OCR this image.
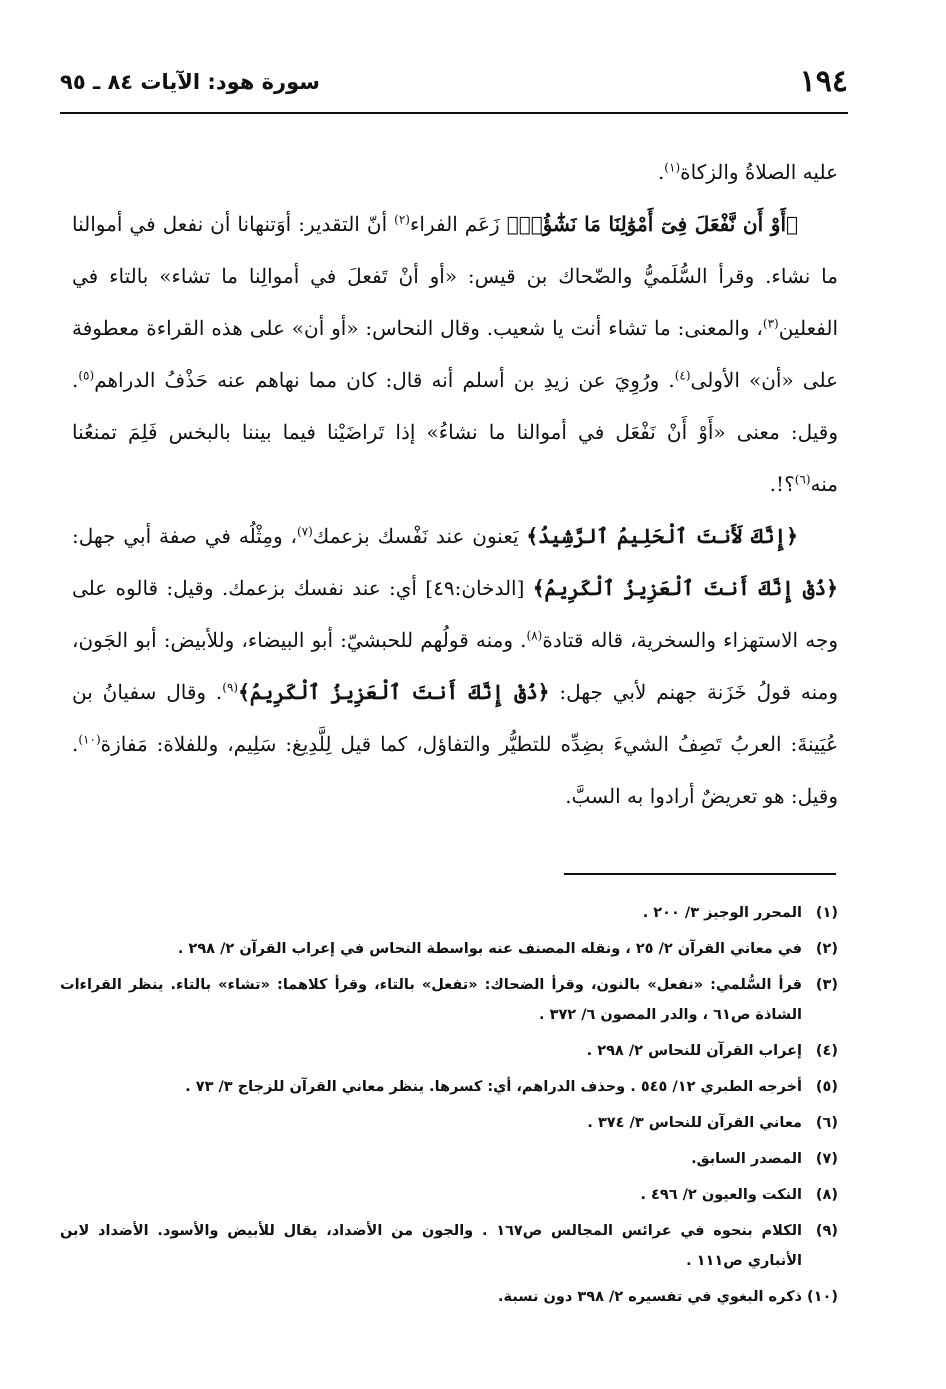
١٩٤
سورة هود: الآيات ٨٤ ـ ٩٥

عليه الصلاةُ والزكاة$^{(١)}$.

﴿أَوْ أَن نَّفْعَلَ فِىٓ أَمْوَٰلِنَا مَا نَشَٰٓؤُا۟﴾ زَعَم الفراء$^{(٢)}$ أنّ التقدير: أوَتنهانا أن نفعل في أموالنا ما نشاء. وقرأ السُّلَميُّ والضّحاك بن قيس: «أو أنْ تَفعلَ في أموالِنا ما تشاء» بالتاء في الفعلين$^{(٣)}$، والمعنى: ما تشاء أنت يا شعيب. وقال النحاس: «أو أن» على هذه القراءة معطوفة على «أن» الأولى$^{(٤)}$. ورُوِيَ عن زيدِ بن أسلم أنه قال: كان مما نهاهم عنه حَذْفُ الدراهم$^{(٥)}$. وقيل: معنى «أَوْ أَنْ نَفْعَل في أموالنا ما نشاءُ» إذا تَراضَيْنا فيما بيننا بالبخس فَلِمَ تمنعُنا منه$^{(٦)}$؟!.

﴿إِنَّكَ لَأَنتَ ٱلْحَلِيمُ ٱلرَّشِيدُ﴾ يَعنون عند نَفْسك بزعمك$^{(٧)}$، ومِثْلُه في صفة أبي جهل: ﴿ذُقْ إِنَّكَ أَنتَ ٱلْعَزِيزُ ٱلْكَرِيمُ﴾ [الدخان:٤٩] أي: عند نفسك بزعمك. وقيل: قالوه على وجه الاستهزاء والسخرية، قاله قتادة$^{(٨)}$. ومنه قولُهم للحبشيّ: أبو البيضاء، وللأبيض: أبو الجَون، ومنه قولُ خَزَنة جهنم لأبي جهل: ﴿ذُقْ إِنَّكَ أَنتَ ٱلْعَزِيزُ ٱلْكَرِيمُ﴾$^{(٩)}$. وقال سفيانُ بن عُيَينةَ: العربُ تَصِفُ الشيءَ بضِدِّه للتطيُّر والتفاؤل، كما قيل لِلَّدِيغ: سَلِيم، وللفلاة: مَفازة$^{(١٠)}$. وقيل: هو تعريضٌ أرادوا به السبَّ.

(١)المحرر الوجيز ٣/ ٢٠٠ .

(٢)في معاني القرآن ٢/ ٢٥ ، ونقله المصنف عنه بواسطة النحاس في إعراب القرآن ٢/ ٢٩٨ .

(٣)قرأ السُّلمي: «نفعل» بالنون، وقرأ الضحاك: «تفعل» بالتاء، وقرأ كلاهما: «تشاء» بالتاء. ينظر القراءات الشاذة ص٦١ ، والدر المصون ٦/ ٣٧٢ .

(٤)إعراب القرآن للنحاس ٢/ ٢٩٨ .

(٥)أخرجه الطبري ١٢/ ٥٤٥ . وحذف الدراهم، أي: كسرها. ينظر معاني القرآن للزجاج ٣/ ٧٣ .

(٦)معاني القرآن للنحاس ٣/ ٣٧٤ .

(٧)المصدر السابق.

(٨)النكت والعيون ٢/ ٤٩٦ .

(٩)الكلام بنحوه في عرائس المجالس ص١٦٧ . والجون من الأضداد، يقال للأبيض والأسود. الأضداد لابن الأنباري ص١١١ .

(١٠)ذكره البغوي في تفسيره ٢/ ٣٩٨ دون نسبة.
